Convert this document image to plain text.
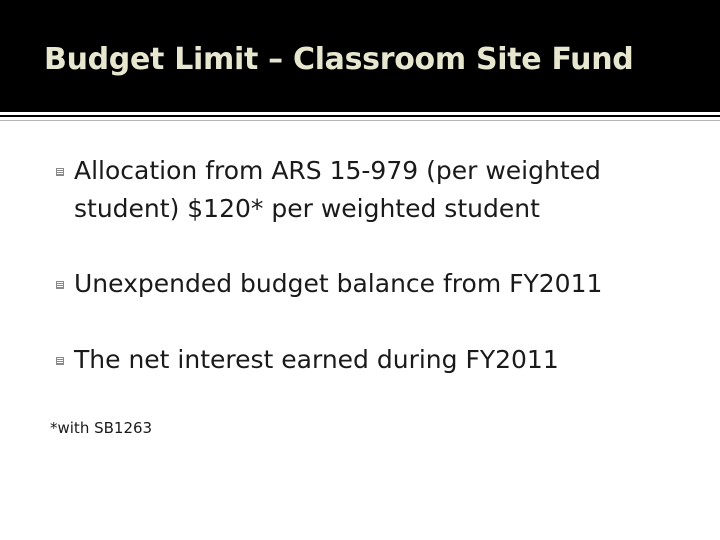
Budget Limit – Classroom Site Fund
Allocation from ARS 15-979 (per weighted student) $120* per weighted student
Unexpended budget balance from FY2011
The net interest earned during FY2011
*with SB1263
